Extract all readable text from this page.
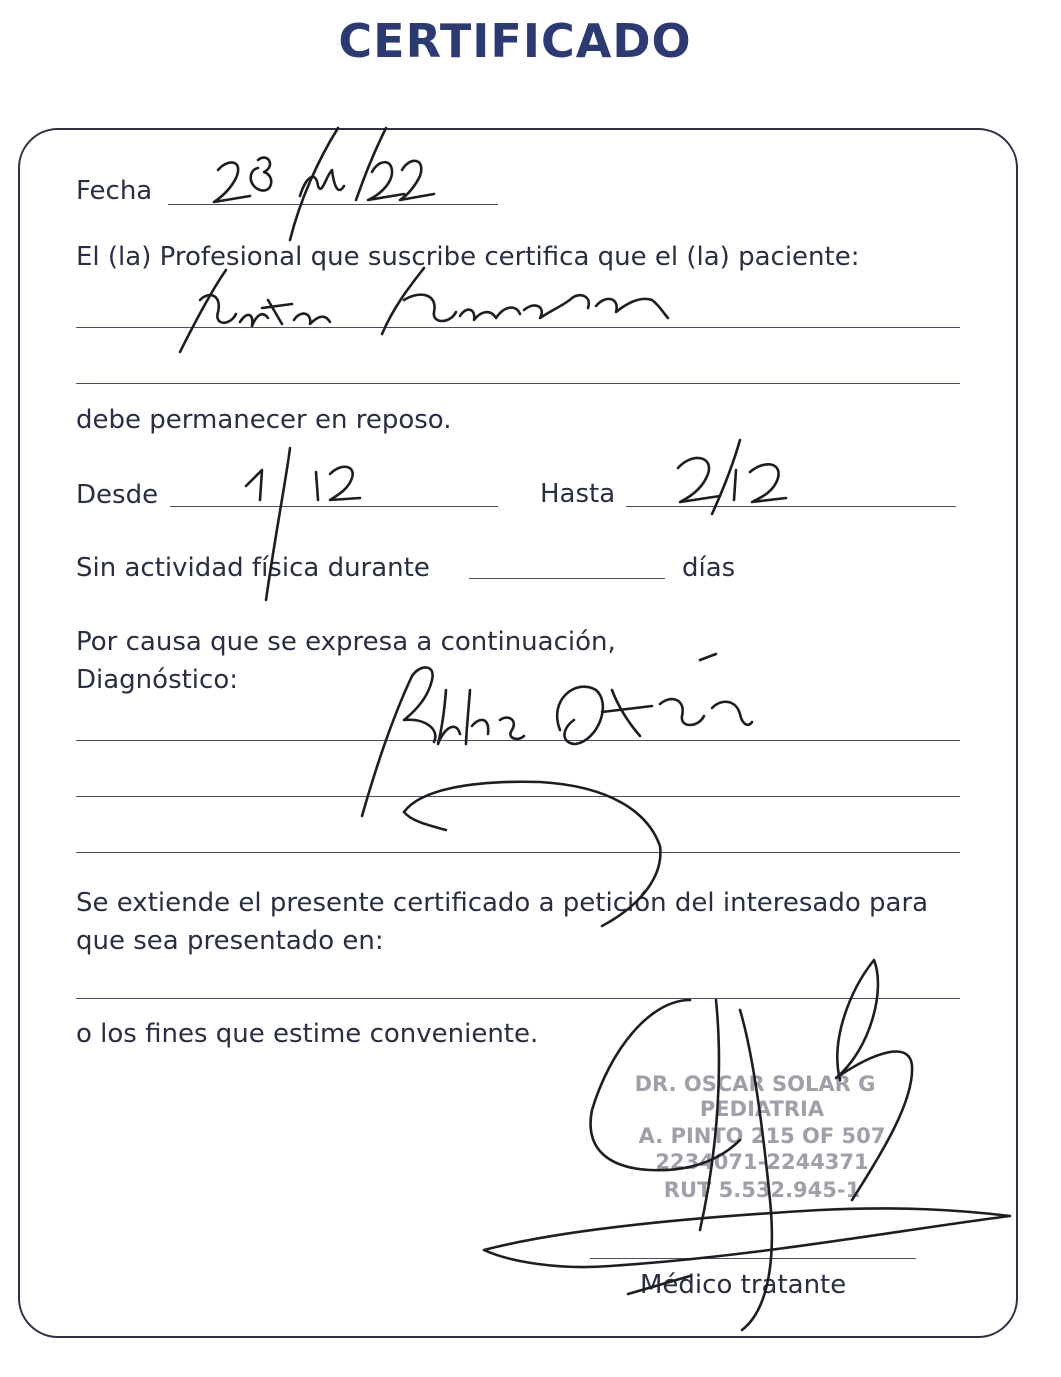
CERTIFICADO
Fecha
El (la) Profesional que suscribe certifica que el (la) paciente:
debe permanecer en reposo.
Desde	Hasta
Sin actividad física durante	días
Por causa que se expresa a continuación,
Diagnóstico:
Se extiende el presente certificado a petición del interesado para
que sea presentado en:
o los fines que estime conveniente.
DR. OSCAR SOLAR G
PEDIATRIA
A. PINTO 215 OF 507
2234071-2244371
RUT 5.532.945-1
Médico tratante
